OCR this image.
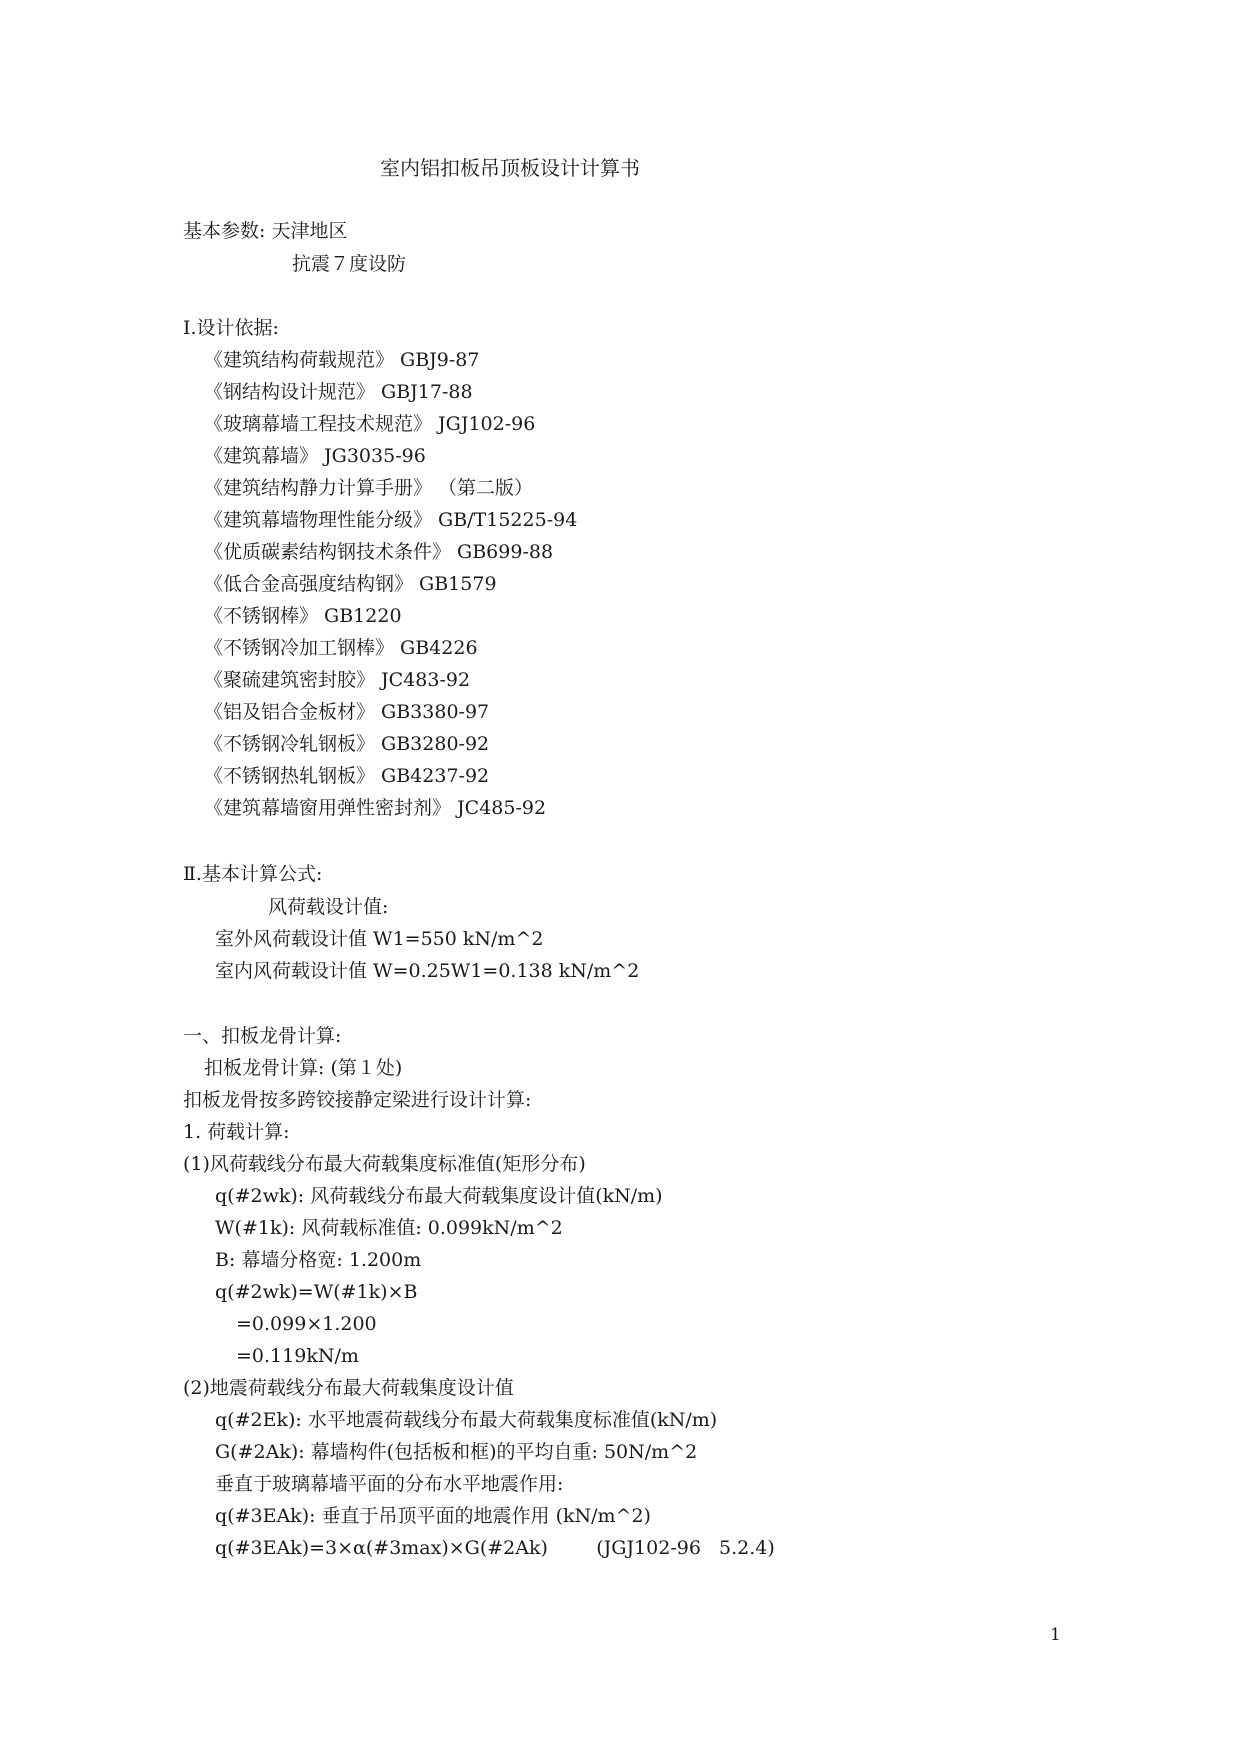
室内铝扣板吊顶板设计计算书
基本参数: 天津地区
抗震７度设防
Ⅰ.设计依据:
《建筑结构荷载规范》 GBJ9-87
《钢结构设计规范》 GBJ17-88
《玻璃幕墙工程技术规范》 JGJ102-96
《建筑幕墙》 JG3035-96
《建筑结构静力计算手册》 （第二版）
《建筑幕墙物理性能分级》 GB/T15225-94
《优质碳素结构钢技术条件》 GB699-88
《低合金高强度结构钢》 GB1579
《不锈钢棒》 GB1220
《不锈钢冷加工钢棒》 GB4226
《聚硫建筑密封胶》 JC483-92
《铝及铝合金板材》 GB3380-97
《不锈钢冷轧钢板》 GB3280-92
《不锈钢热轧钢板》 GB4237-92
《建筑幕墙窗用弹性密封剂》 JC485-92
Ⅱ.基本计算公式:
风荷载设计值:
室外风荷载设计值 W1=550 kN/m^2
室内风荷载设计值 W=0.25W1=0.138 kN/m^2
一、扣板龙骨计算:
扣板龙骨计算: (第１处)
扣板龙骨按多跨铰接静定梁进行设计计算:
1. 荷载计算:
(1)风荷载线分布最大荷载集度标准值(矩形分布)
q(#2wk): 风荷载线分布最大荷载集度设计值(kN/m)
W(#1k): 风荷载标准值: 0.099kN/m^2
B: 幕墙分格宽: 1.200m
q(#2wk)=W(#1k)×B
=0.099×1.200
=0.119kN/m
(2)地震荷载线分布最大荷载集度设计值
q(#2Ek): 水平地震荷载线分布最大荷载集度标准值(kN/m)
G(#2Ak): 幕墙构件(包括板和框)的平均自重: 50N/m^2
垂直于玻璃幕墙平面的分布水平地震作用:
q(#3EAk): 垂直于吊顶平面的地震作用 (kN/m^2)
q(#3EAk)=3×α(#3max)×G(#2Ak)        (JGJ102-96   5.2.4)
1
